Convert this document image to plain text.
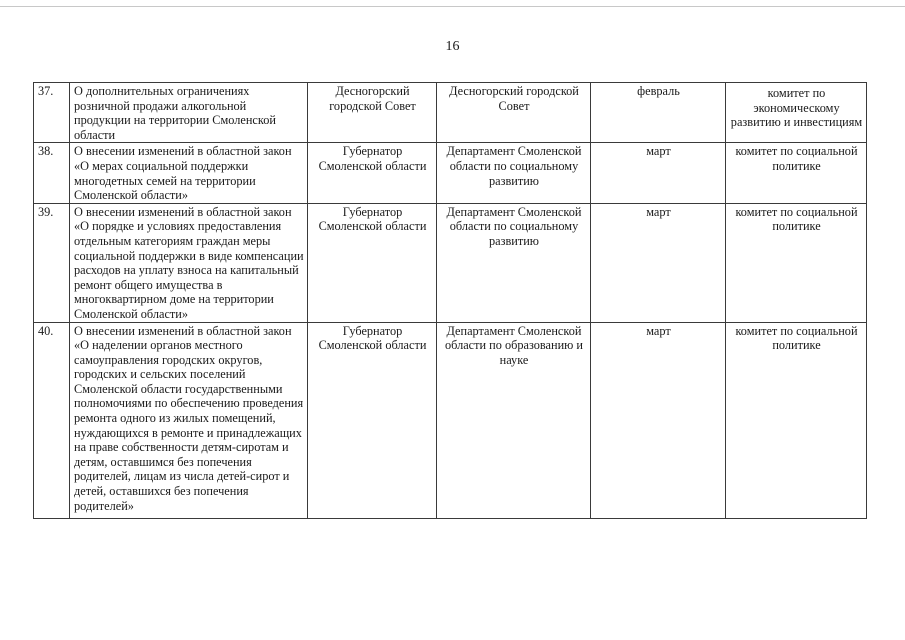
16
37.	О дополнительных ограничениях розничной продажи алкогольной продукции на территории Смоленской области	Десногорский городской Совет	Десногорский городской Совет	февраль	комитет по экономическому развитию и инвестициям

38.	О внесении изменений в областной закон «О мерах социальной поддержки многодетных семей на территории Смоленской области»	Губернатор Смоленской области	Департамент Смоленской области по социальному развитию	март	комитет по социальной политике
39.	О внесении изменений в областной закон «О порядке и условиях предоставления отдельным категориям граждан меры социальной поддержки в виде компенсации расходов на уплату взноса на капитальный ремонт общего имущества в многоквартирном доме на территории Смоленской области»	Губернатор Смоленской области	Департамент Смоленской области по социальному развитию	март	комитет по социальной политике
40.	О внесении изменений в областной закон «О наделении органов местного самоуправления городских округов, городских и сельских поселений Смоленской области государственными полномочиями по обеспечению проведения ремонта одного из жилых помещений, нуждающихся в ремонте и принадлежащих на праве собственности детям-сиротам и детям, оставшимся без попечения родителей, лицам из числа детей-сирот и детей, оставшихся без попечения родителей»	Губернатор Смоленской области	Департамент Смоленской области по образованию и науке	март	комитет по социальной политике
